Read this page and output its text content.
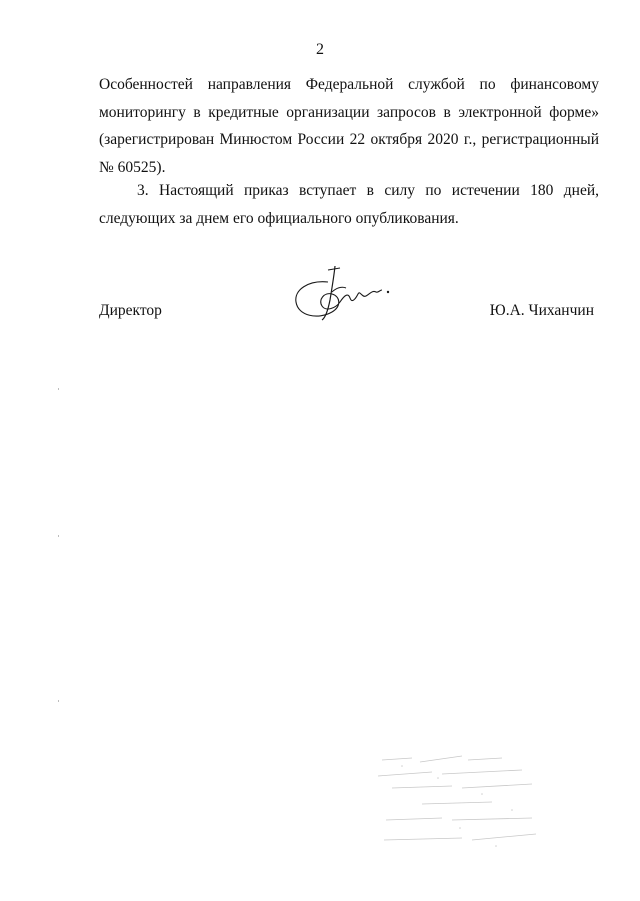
2

Особенностей направления Федеральной службой по финансовому мониторингу в кредитные организации запросов в электронной форме» (зарегистрирован Минюстом России 22 октября 2020 г., регистрационный № 60525).

3. Настоящий приказ вступает в силу по истечении 180 дней, следующих за днем его официального опубликования.

Директор	Ю.А. Чиханчин
